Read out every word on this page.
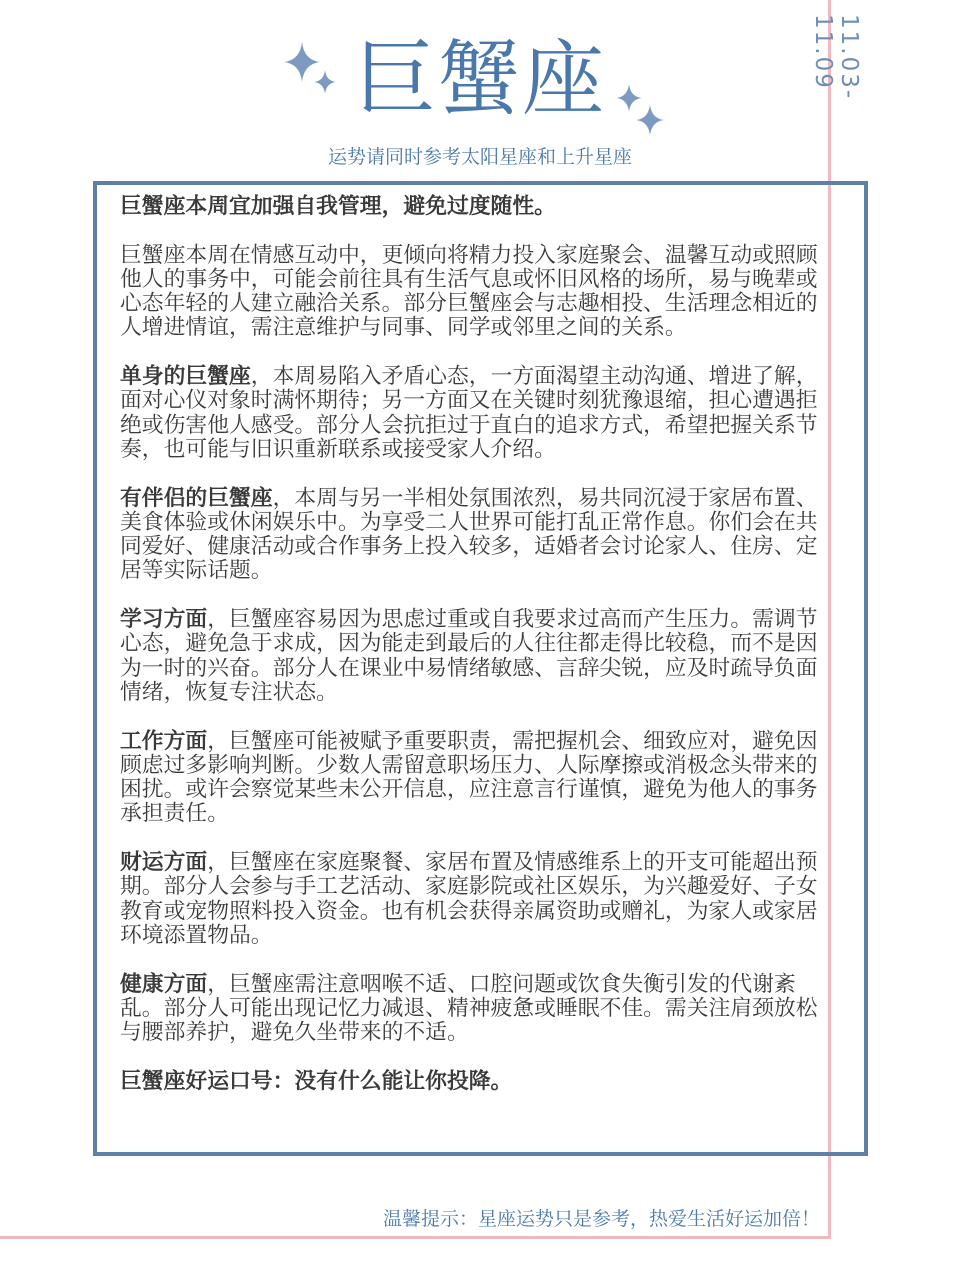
11.03-11.09
巨蟹座
运势请同时参考太阳星座和上升星座

巨蟹座本周宜加强自我管理，避免过度随性。

巨蟹座本周在情感互动中，更倾向将精力投入家庭聚会、温馨互动或照顾他人的事务中，可能会前往具有生活气息或怀旧风格的场所，易与晚辈或心态年轻的人建立融洽关系。部分巨蟹座会与志趣相投、生活理念相近的人增进情谊，需注意维护与同事、同学或邻里之间的关系。

单身的巨蟹座，本周易陷入矛盾心态，一方面渴望主动沟通、增进了解，面对心仪对象时满怀期待；另一方面又在关键时刻犹豫退缩，担心遭遇拒绝或伤害他人感受。部分人会抗拒过于直白的追求方式，希望把握关系节奏，也可能与旧识重新联系或接受家人介绍。

有伴侣的巨蟹座，本周与另一半相处氛围浓烈，易共同沉浸于家居布置、美食体验或休闲娱乐中。为享受二人世界可能打乱正常作息。你们会在共同爱好、健康活动或合作事务上投入较多，适婚者会讨论家人、住房、定居等实际话题。

学习方面，巨蟹座容易因为思虑过重或自我要求过高而产生压力。需调节心态，避免急于求成，因为能走到最后的人往往都走得比较稳，而不是因为一时的兴奋。部分人在课业中易情绪敏感、言辞尖锐，应及时疏导负面情绪，恢复专注状态。

工作方面，巨蟹座可能被赋予重要职责，需把握机会、细致应对，避免因顾虑过多影响判断。少数人需留意职场压力、人际摩擦或消极念头带来的困扰。或许会察觉某些未公开信息，应注意言行谨慎，避免为他人的事务承担责任。

财运方面，巨蟹座在家庭聚餐、家居布置及情感维系上的开支可能超出预期。部分人会参与手工艺活动、家庭影院或社区娱乐，为兴趣爱好、子女教育或宠物照料投入资金。也有机会获得亲属资助或赠礼，为家人或家居环境添置物品。

健康方面，巨蟹座需注意咽喉不适、口腔问题或饮食失衡引发的代谢紊乱。部分人可能出现记忆力减退、精神疲惫或睡眠不佳。需关注肩颈放松与腰部养护，避免久坐带来的不适。

巨蟹座好运口号：没有什么能让你投降。

温馨提示：星座运势只是参考，热爱生活好运加倍！
